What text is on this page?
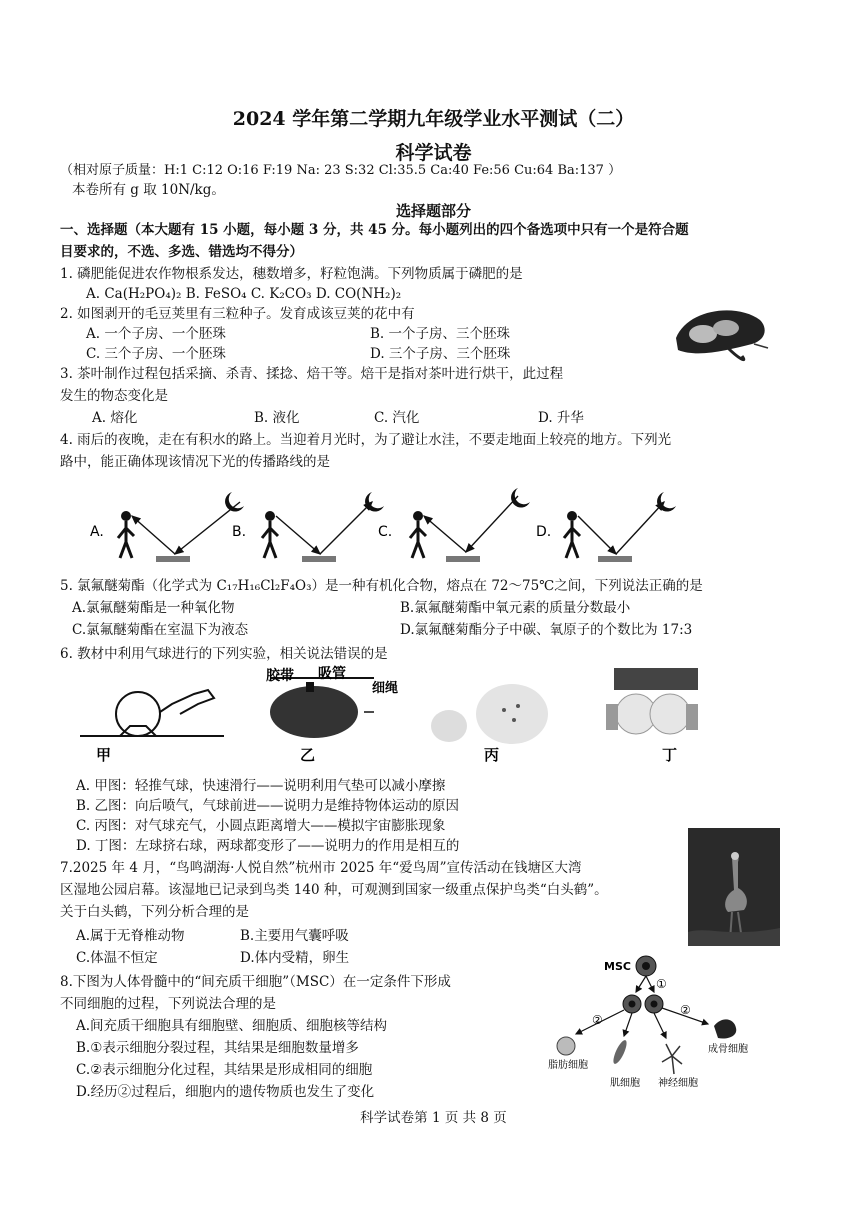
2024 学年第二学期九年级学业水平测试（二）
科学试卷
（相对原子质量：H:1 C:12 O:16 F:19 Na: 23 S:32 Cl:35.5 Ca:40 Fe:56 Cu:64 Ba:137 ）
本卷所有 g 取 10N/kg。
选择题部分
一、选择题（本大题有 15 小题，每小题 3 分，共 45 分。每小题列出的四个备选项中只有一个是符合题
目要求的，不选、多选、错选均不得分）
1. 磷肥能促进农作物根系发达，穗数增多，籽粒饱满。下列物质属于磷肥的是
A. Ca(H₂PO₄)₂ B. FeSO₄ C. K₂CO₃ D. CO(NH₂)₂
2. 如图剥开的毛豆荚里有三粒种子。发育成该豆荚的花中有
A. 一个子房、一个胚珠	B. 一个子房、三个胚珠
C. 三个子房、一个胚珠	D. 三个子房、三个胚珠
3. 茶叶制作过程包括采摘、杀青、揉捻、焙干等。焙干是指对茶叶进行烘干，此过程
发生的物态变化是
A. 熔化	B. 液化	C. 汽化	D. 升华
4. 雨后的夜晚，走在有积水的路上。当迎着月光时，为了避让水洼，不要走地面上较亮的地方。下列光
路中，能正确体现该情况下光的传播路线的是
A.	B.	C.	D.
5. 氯氟醚菊酯（化学式为 C₁₇H₁₆Cl₂F₄O₃）是一种有机化合物，熔点在 72～75℃之间，下列说法正确的是
A.氯氟醚菊酯是一种氧化物	B.氯氟醚菊酯中氧元素的质量分数最小
C.氯氟醚菊酯在室温下为液态	D.氯氟醚菊酯分子中碳、氧原子的个数比为 17:3
6. 教材中利用气球进行的下列实验，相关说法错误的是
甲
胶带 吸管
细绳
乙	丙	丁
A. 甲图：轻推气球，快速滑行——说明利用气垫可以减小摩擦
B. 乙图：向后喷气，气球前进——说明力是维持物体运动的原因
C. 丙图：对气球充气，小圆点距离增大——模拟宇宙膨胀现象
D. 丁图：左球挤右球，两球都变形了——说明力的作用是相互的
7.2025 年 4 月，“鸟鸣湖海·人悦自然”杭州市 2025 年“爱鸟周”宣传活动在钱塘区大湾
区湿地公园启幕。该湿地已记录到鸟类 140 种，可观测到国家一级重点保护鸟类“白头鹤”。
关于白头鹤，下列分析合理的是
A.属于无脊椎动物	B.主要用气囊呼吸
C.体温不恒定	D.体内受精，卵生
8.下图为人体骨髓中的“间充质干细胞”（MSC）在一定条件下形成
不同细胞的过程，下列说法合理的是
A.间充质干细胞具有细胞壁、细胞质、细胞核等结构
B.①表示细胞分裂过程，其结果是细胞数量增多
C.②表示细胞分化过程，其结果是形成相同的细胞
D.经历②过程后，细胞内的遗传物质也发生了变化
MSC
①
②
②
脂肪细胞
肌细胞 神经细胞
成骨细胞
科学试卷第 1 页 共 8 页
